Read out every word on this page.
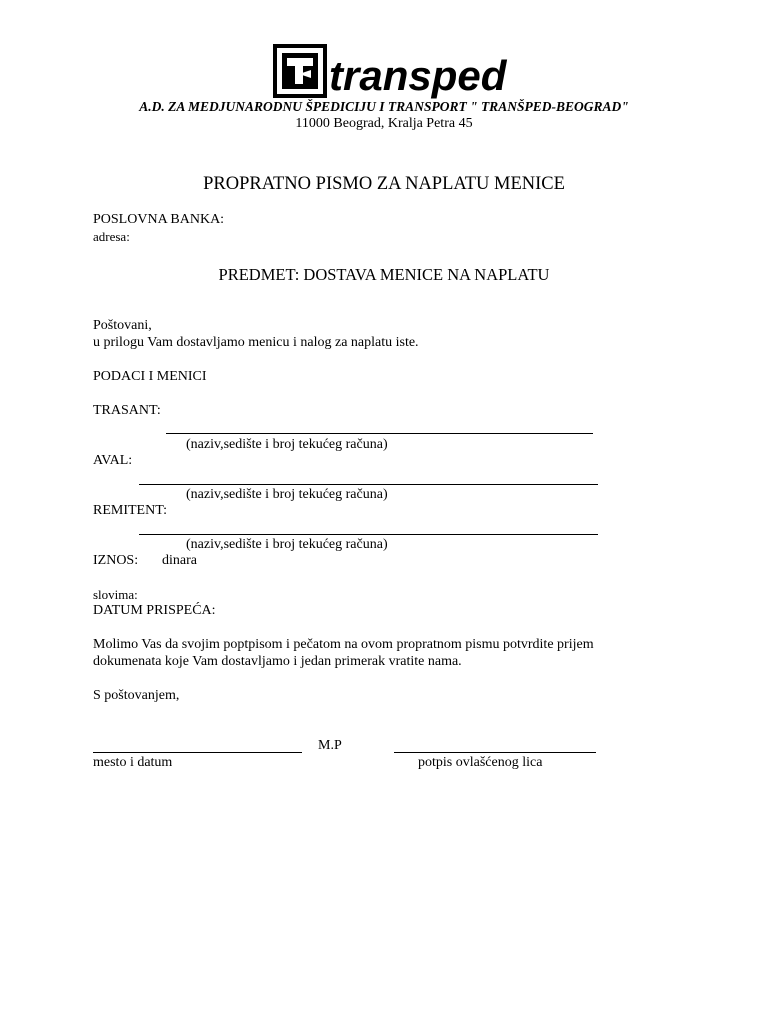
transped
A.D. ZA MEDJUNARODNU ŠPEDICIJU I TRANSPORT " TRANŠPED-BEOGRAD"
11000 Beograd, Kralja Petra 45
PROPRATNO PISMO ZA NAPLATU MENICE
POSLOVNA BANKA:
adresa:
PREDMET: DOSTAVA MENICE NA NAPLATU
Poštovani,
u prilogu Vam dostavljamo menicu i nalog za naplatu iste.
PODACI I MENICI
TRASANT:
(naziv,sedište i broj tekućeg računa)
AVAL:
(naziv,sedište i broj tekućeg računa)
REMITENT:
(naziv,sedište i broj tekućeg računa)
IZNOS: dinara
slovima:
DATUM PRISPEĆA:
Molimo Vas da svojim poptpisom i pečatom na ovom propratnom pismu potvrdite prijem
dokumenata koje Vam dostavljamo i jedan primerak vratite nama.
S poštovanjem,
M.P
mesto i datum	potpis ovlašćenog lica
